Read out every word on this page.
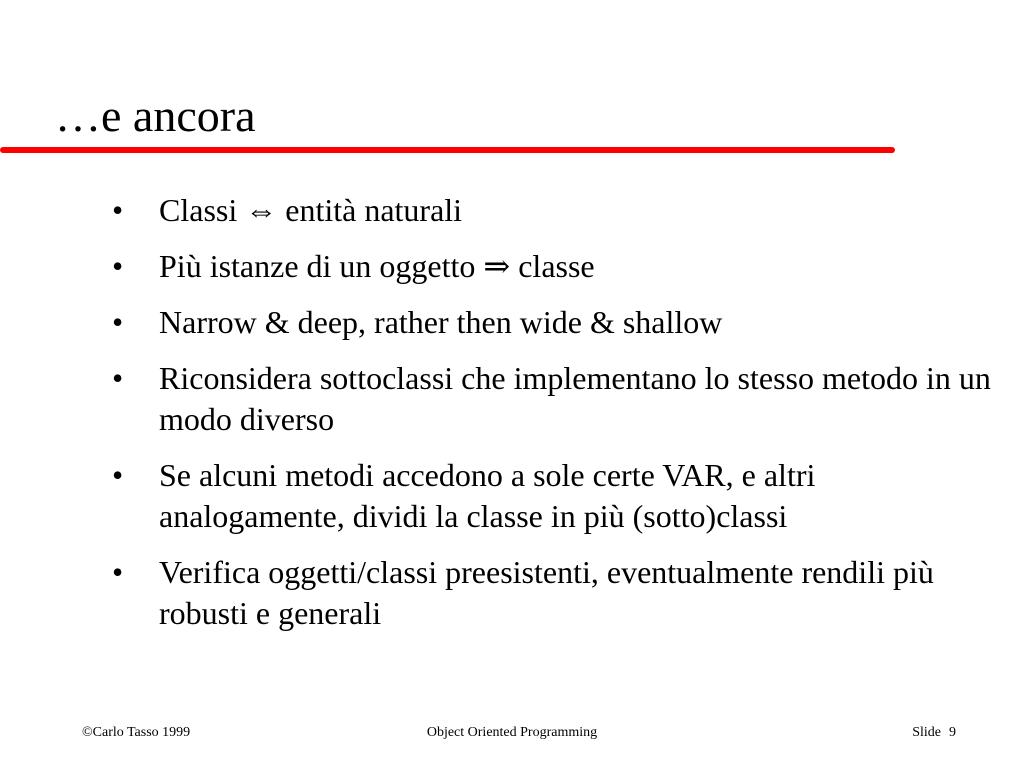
…e ancora
•	Classi ⇔ entità naturali
•	Più istanze di un oggetto ⇒ classe
•	Narrow & deep, rather then wide & shallow
•	Riconsidera sottoclassi che implementano lo stesso metodo in un modo diverso
•	Se alcuni metodi accedono a sole certe VAR, e altri analogamente, dividi la classe in più (sotto)classi
•	Verifica oggetti/classi preesistenti, eventualmente rendili più robusti e generali
©Carlo Tasso 1999	Object Oriented Programming	Slide 9
